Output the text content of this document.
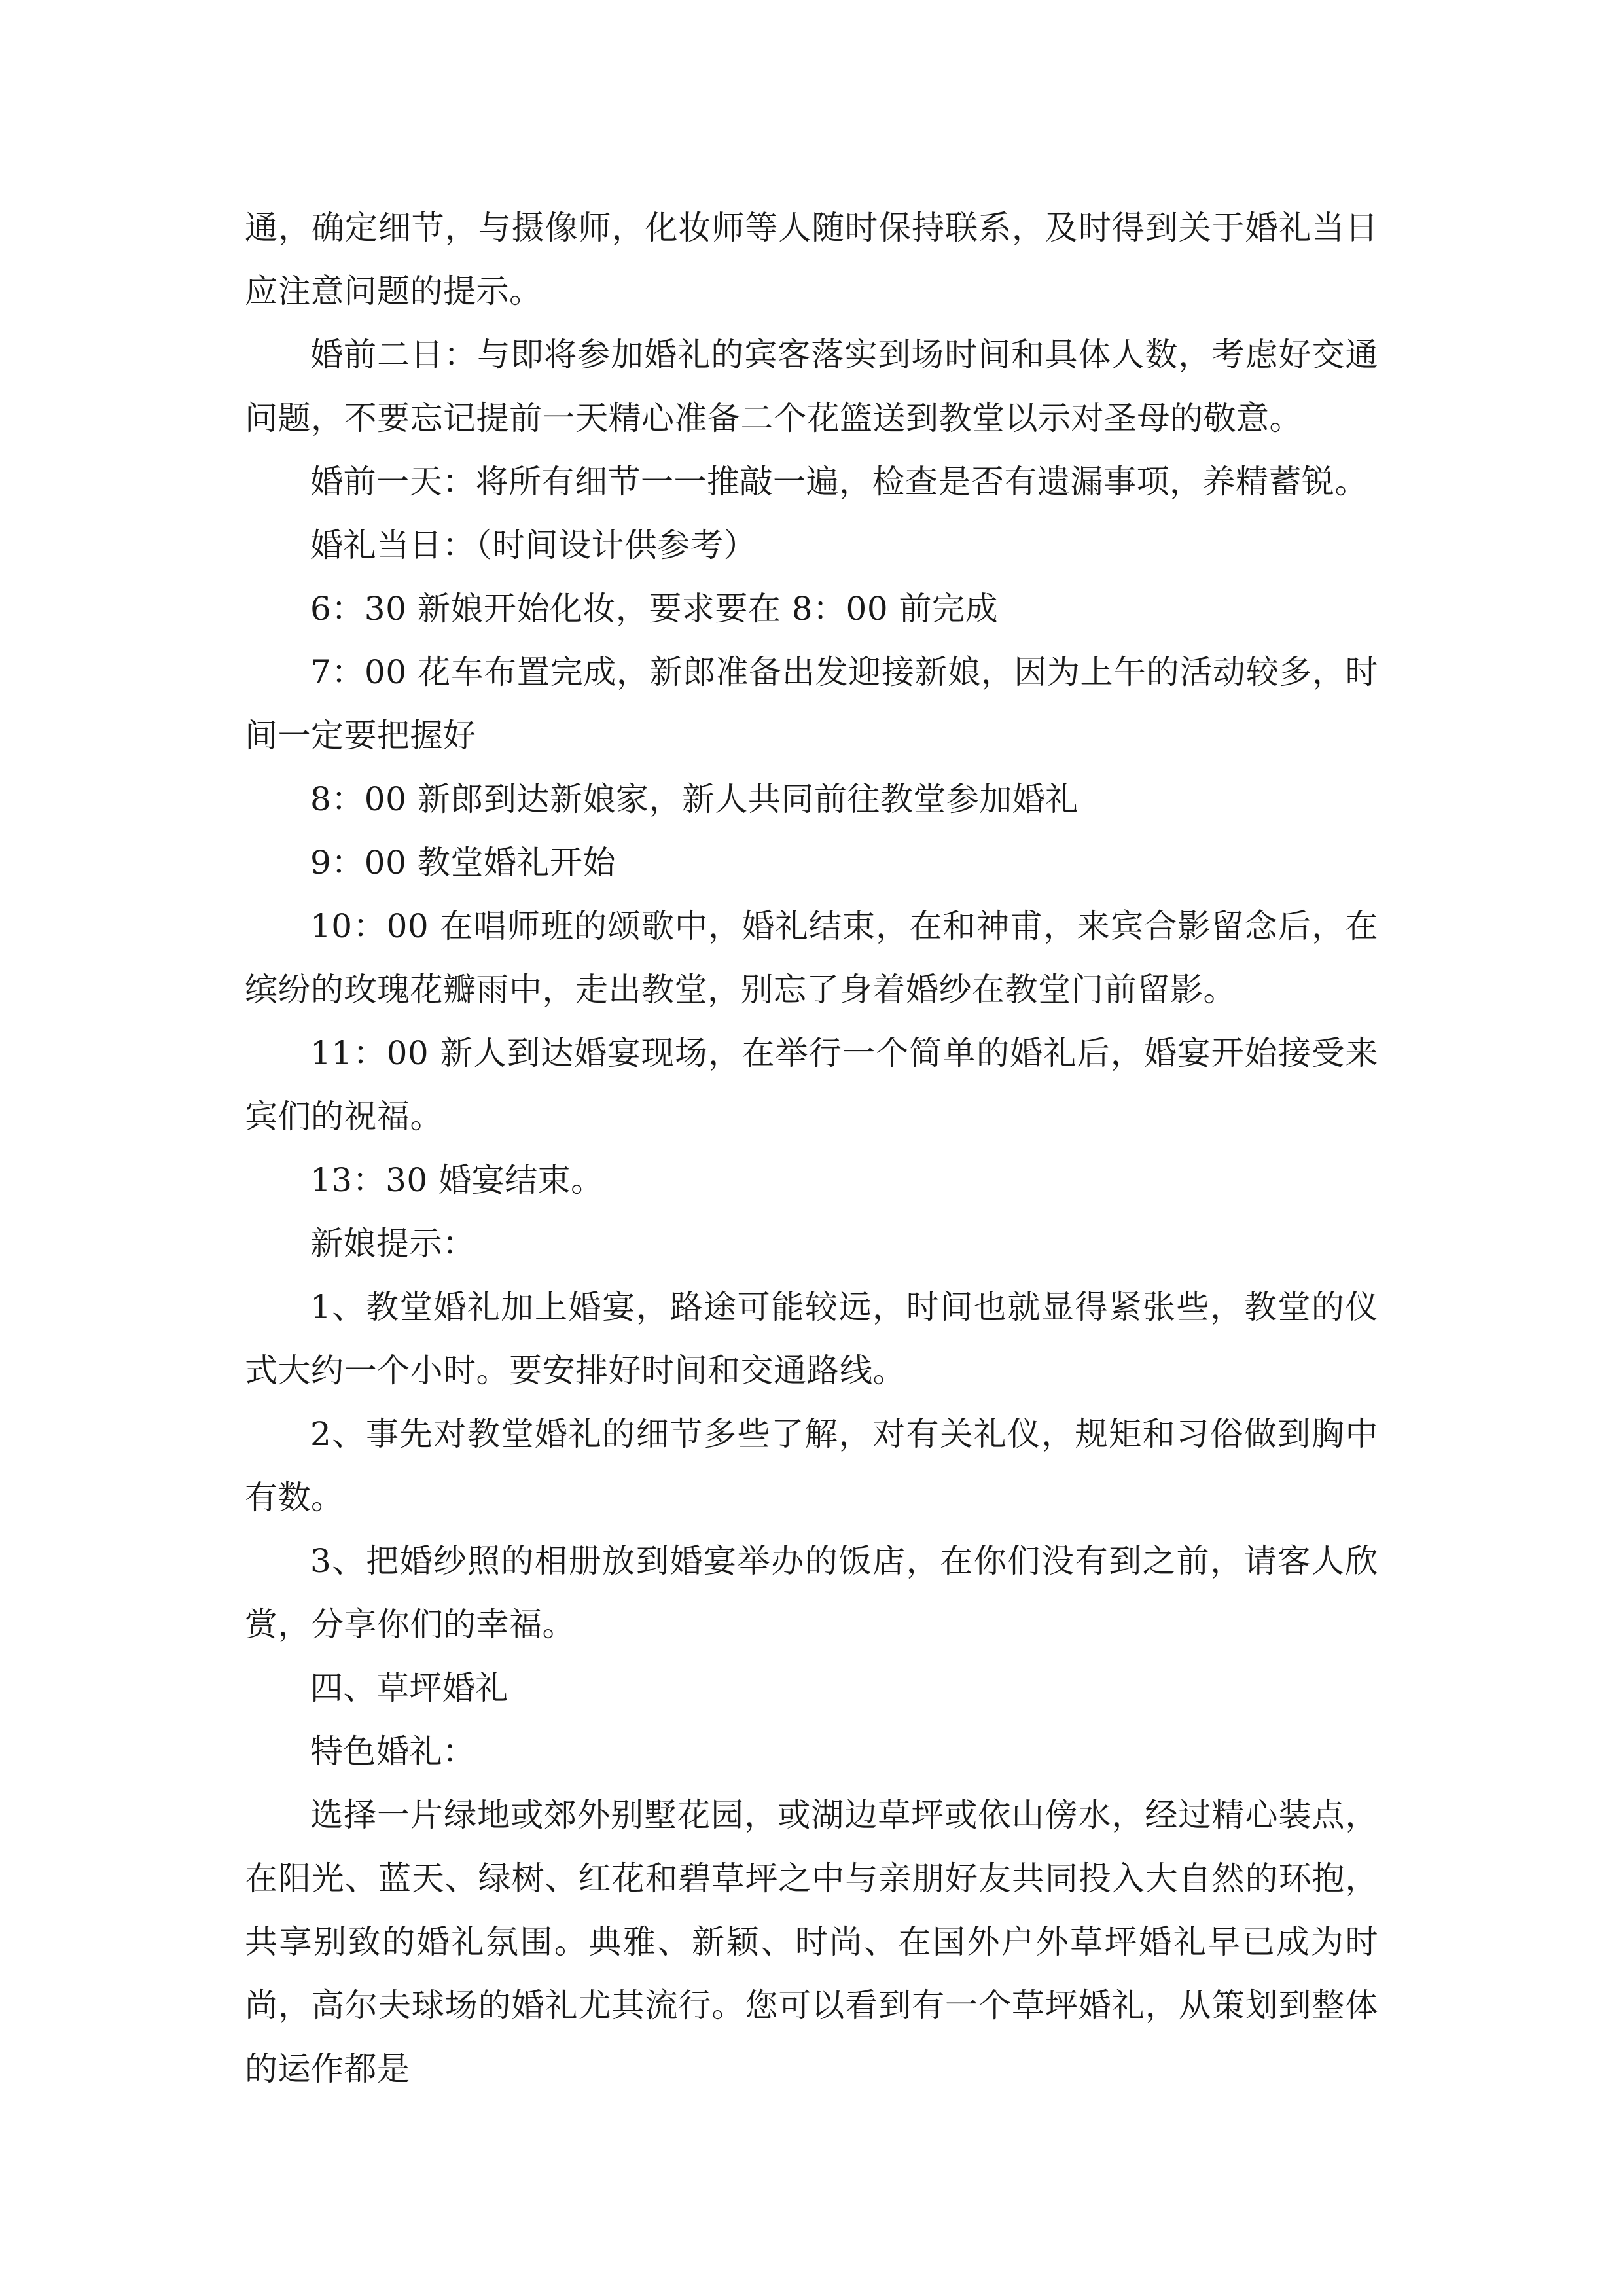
通，确定细节，与摄像师，化妆师等人随时保持联系，及时得到关于婚礼当日应注意问题的提示。

婚前二日：与即将参加婚礼的宾客落实到场时间和具体人数，考虑好交通问题，不要忘记提前一天精心准备二个花篮送到教堂以示对圣母的敬意。

婚前一天：将所有细节一一推敲一遍，检查是否有遗漏事项，养精蓄锐。

婚礼当日：（时间设计供参考）

6：30 新娘开始化妆，要求要在 8：00 前完成

7：00 花车布置完成，新郎准备出发迎接新娘，因为上午的活动较多，时间一定要把握好

8：00 新郎到达新娘家，新人共同前往教堂参加婚礼

9：00 教堂婚礼开始

10：00 在唱师班的颂歌中，婚礼结束，在和神甫，来宾合影留念后，在缤纷的玫瑰花瓣雨中，走出教堂，别忘了身着婚纱在教堂门前留影。

11：00 新人到达婚宴现场，在举行一个简单的婚礼后，婚宴开始接受来宾们的祝福。

13：30 婚宴结束。

新娘提示：

1、教堂婚礼加上婚宴，路途可能较远，时间也就显得紧张些，教堂的仪式大约一个小时。要安排好时间和交通路线。

2、事先对教堂婚礼的细节多些了解，对有关礼仪，规矩和习俗做到胸中有数。

3、把婚纱照的相册放到婚宴举办的饭店，在你们没有到之前，请客人欣赏，分享你们的幸福。

四、草坪婚礼

特色婚礼：

选择一片绿地或郊外别墅花园，或湖边草坪或依山傍水，经过精心装点，在阳光、蓝天、绿树、红花和碧草坪之中与亲朋好友共同投入大自然的环抱，共享别致的婚礼氛围。典雅、新颖、时尚、在国外户外草坪婚礼早已成为时尚，高尔夫球场的婚礼尤其流行。您可以看到有一个草坪婚礼，从策划到整体的运作都是
